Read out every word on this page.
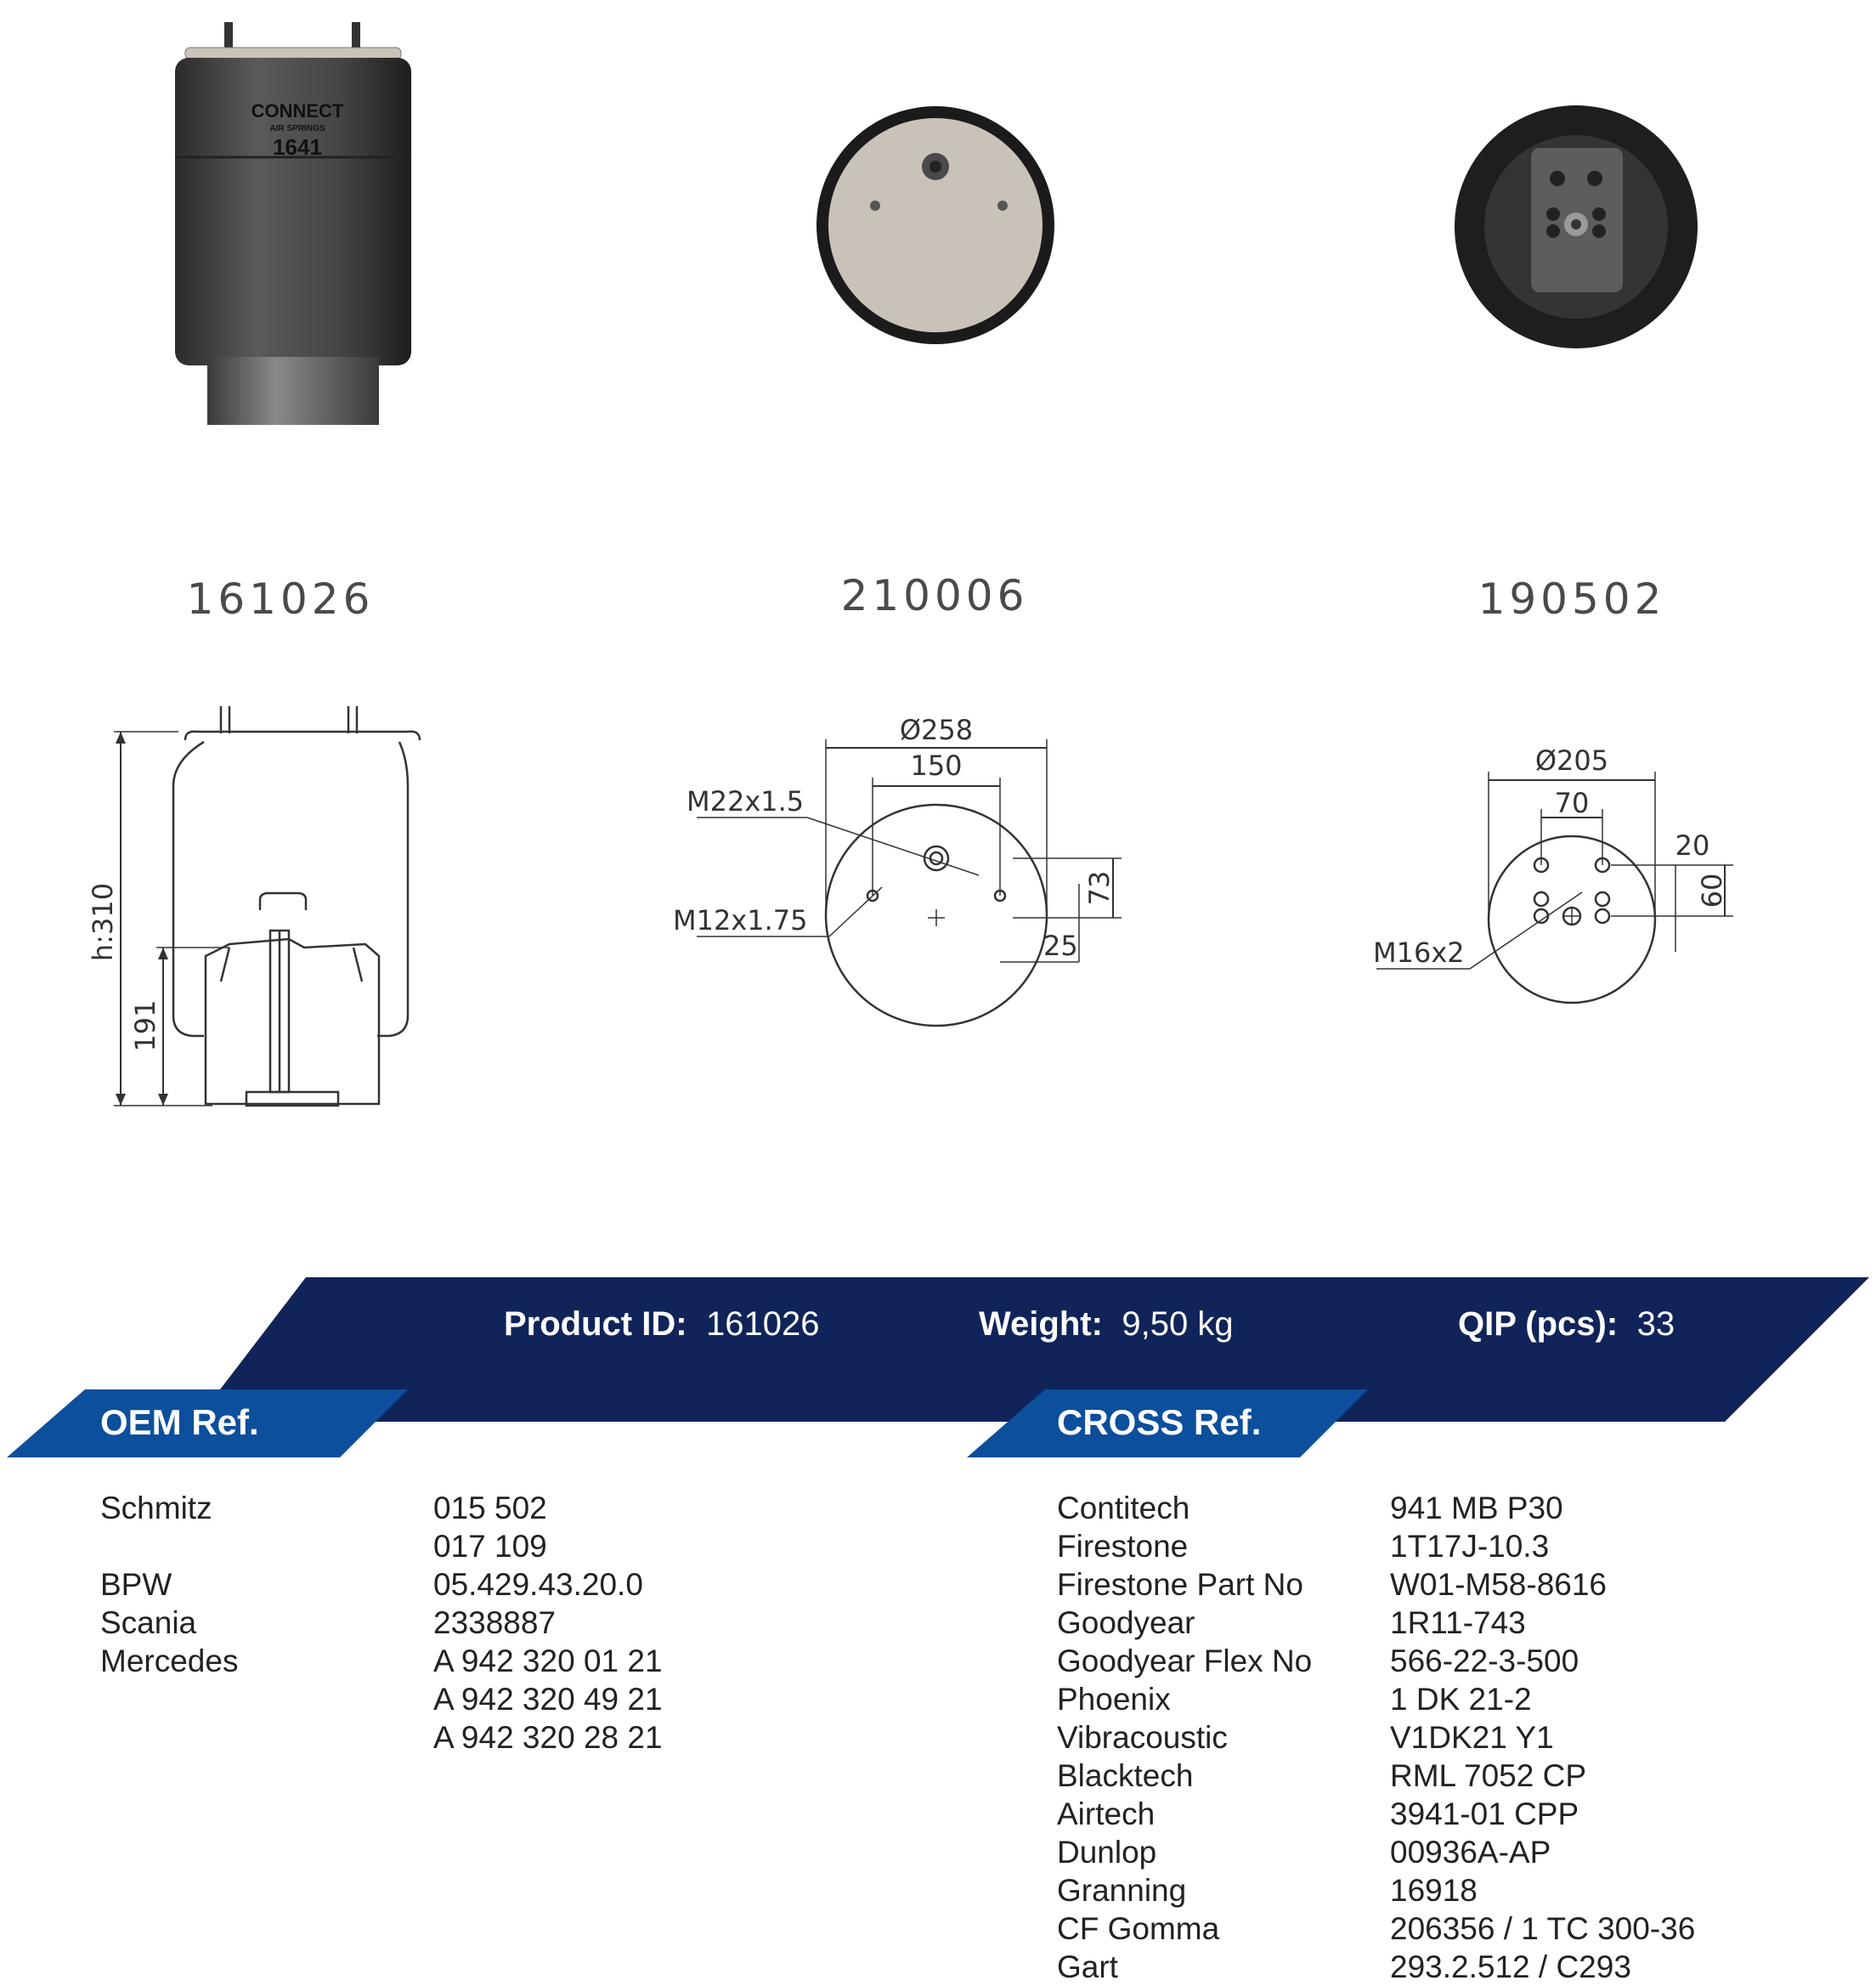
CONNECT
AIR SPRINGS
1641
161026	210006	190502
h:310
191
Ø258
150
M22x1.5
M12x1.75
73
25
Ø205
70
20
60
M16x2
Product ID: 161026	Weight: 9,50 kg	QIP (pcs): 33
OEM Ref.	CROSS Ref.
Schmitz	015 502
017 109
BPW	05.429.43.20.0
Scania	2338887
Mercedes	A 942 320 01 21
A 942 320 49 21
A 942 320 28 21
Contitech	941 MB P30
Firestone	1T17J-10.3
Firestone Part No	W01-M58-8616
Goodyear	1R11-743
Goodyear Flex No 566-22-3-500
Phoenix	1 DK 21-2
Vibracoustic	V1DK21 Y1
Blacktech	RML 7052 CP
Airtech	3941-01 CPP
Dunlop	00936A-AP
Granning	16918
CF Gomma	206356 / 1 TC 300-36
Gart	293.2.512 / C293
